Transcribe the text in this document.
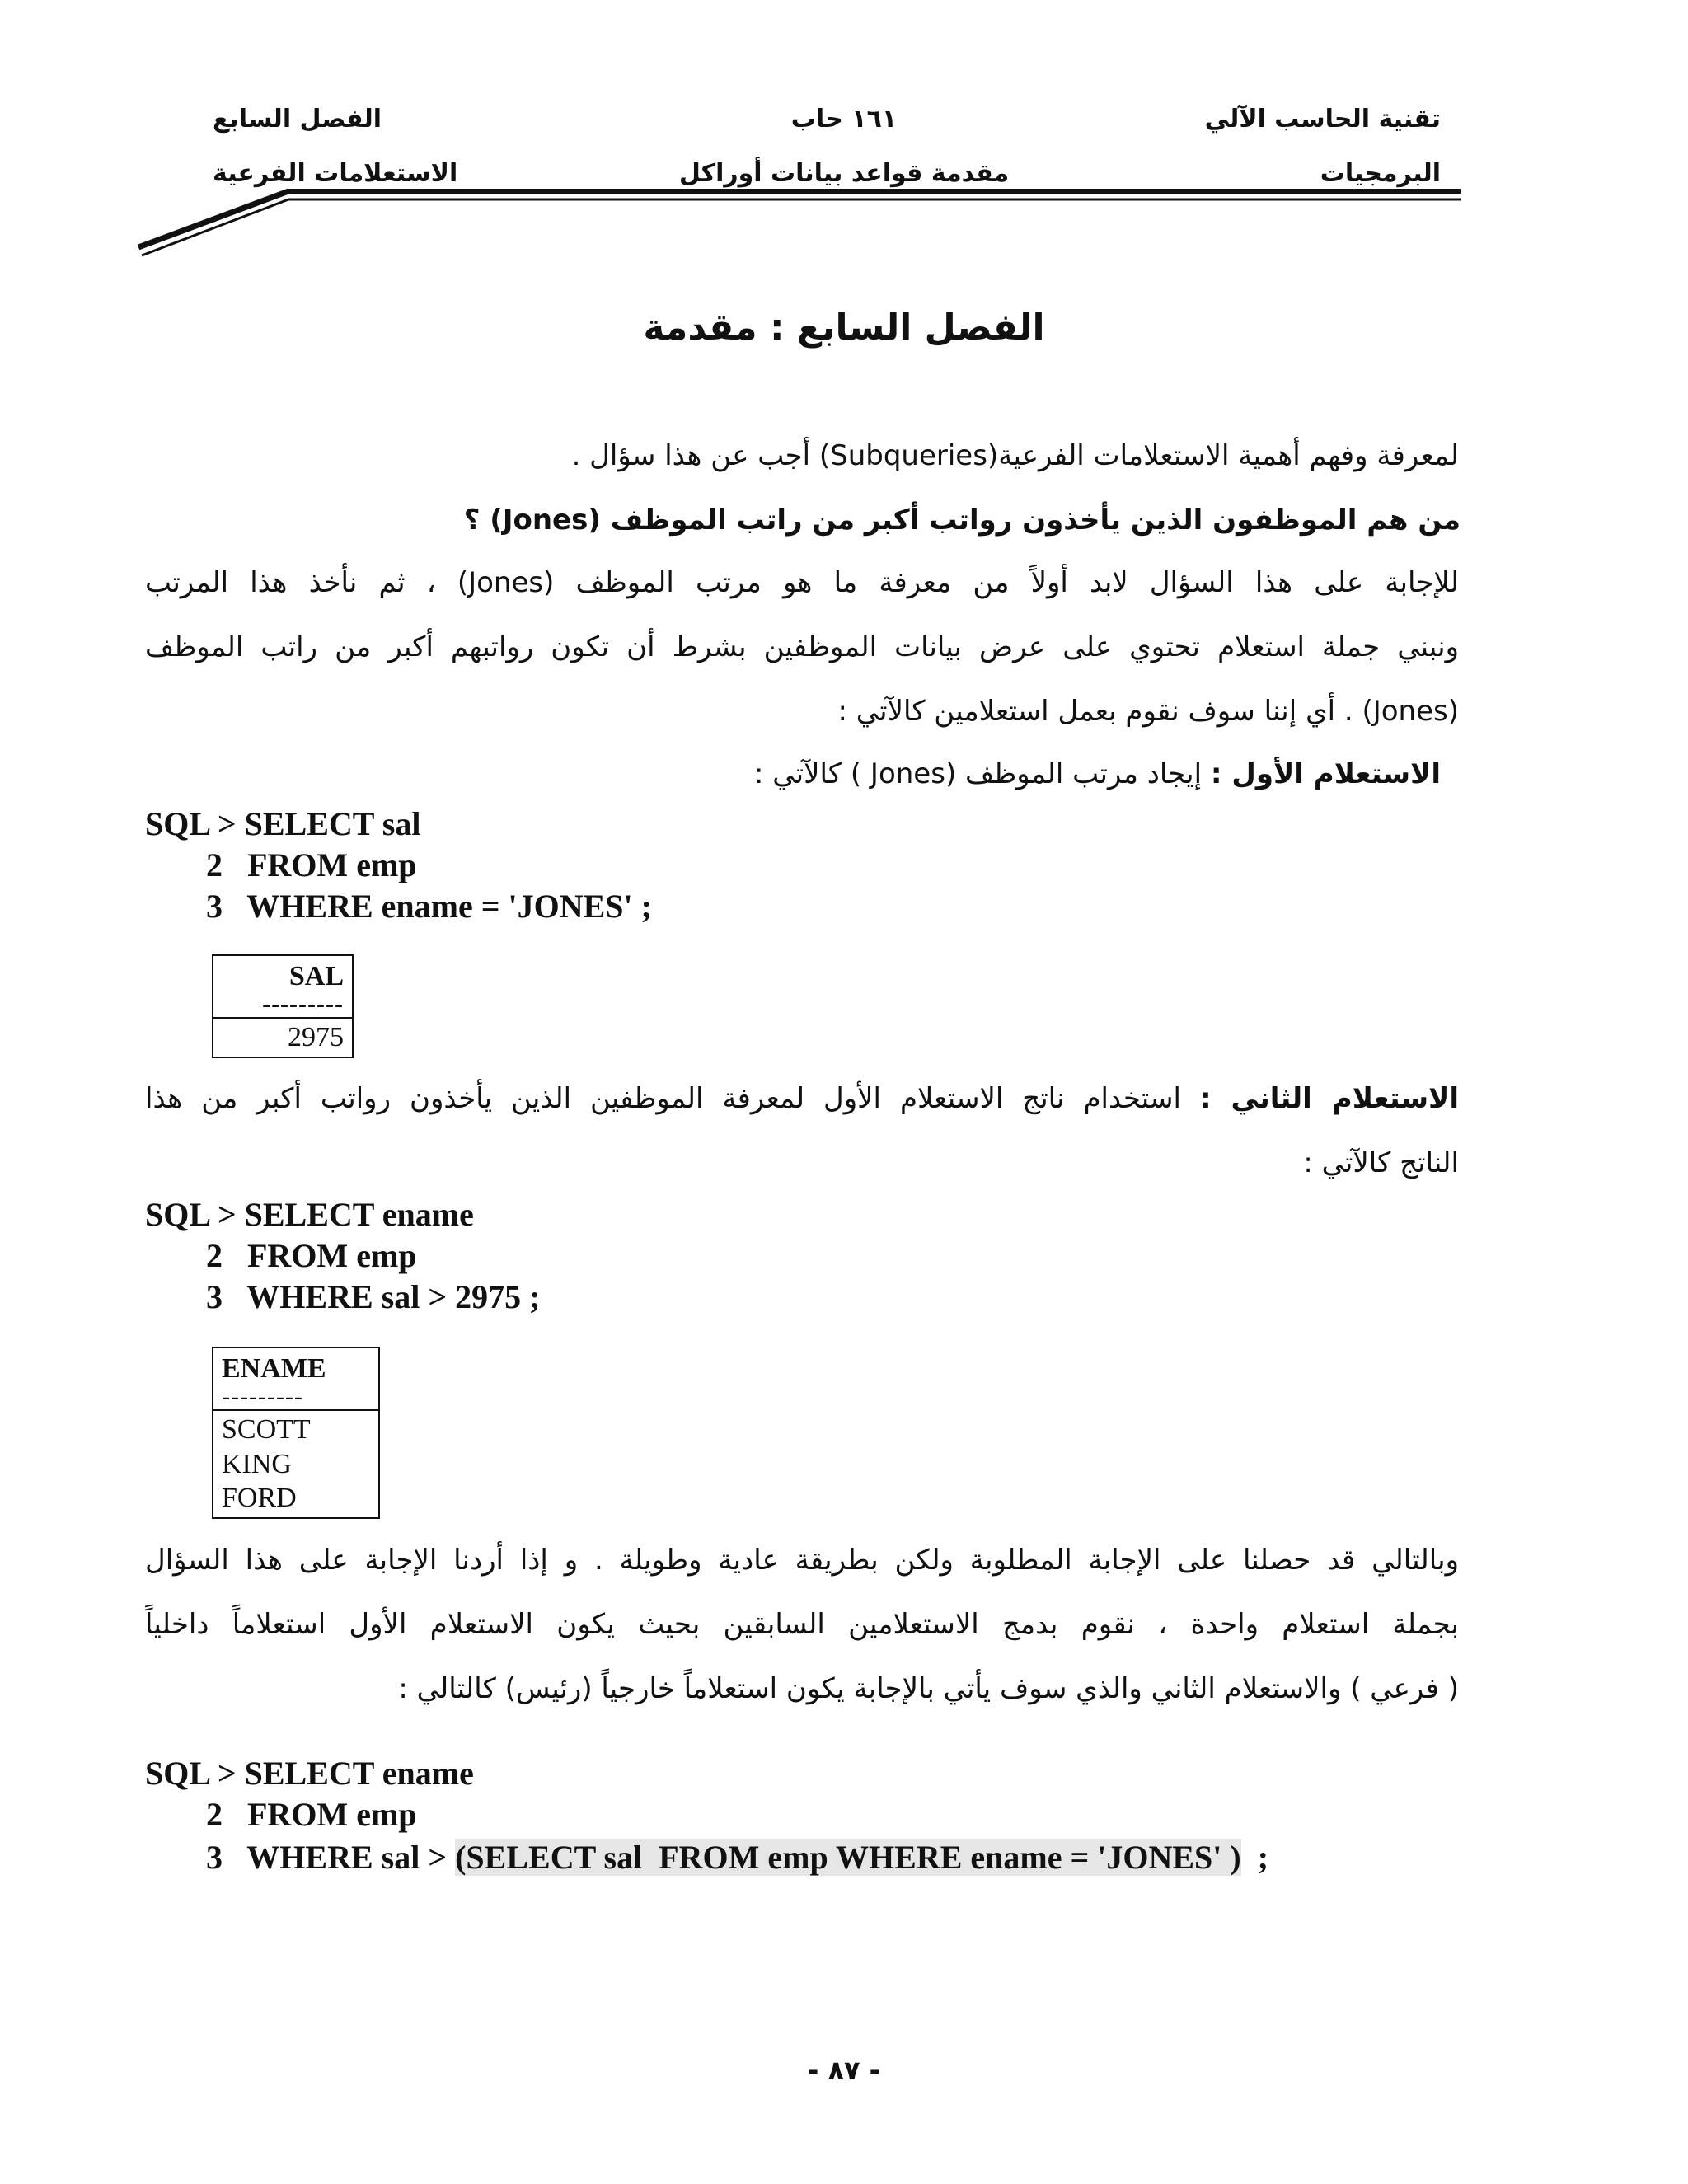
تقنية الحاسب الآلي
البرمجيات
١٦١ حاب
مقدمة قواعد بيانات أوراكل
الفصل السابع
الاستعلامات الفرعية
الفصل السابع : مقدمة
لمعرفة وفهم أهمية الاستعلامات الفرعية(Subqueries) أجب عن هذا سؤال .
من هم الموظفون الذين يأخذون رواتب أكبر من راتب الموظف (Jones) ؟
للإجابة على هذا السؤال لابد أولاً من معرفة ما هو مرتب الموظف (Jones) ، ثم نأخذ هذا المرتب
ونبني جملة استعلام تحتوي على عرض بيانات الموظفين بشرط أن تكون رواتبهم أكبر من راتب الموظف
(Jones) . أي إننا سوف نقوم بعمل استعلامين كالآتي :
الاستعلام الأول : إيجاد مرتب الموظف (Jones ) كالآتي :
SQL > SELECT sal
2   FROM emp
3   WHERE ename = 'JONES' ;
SAL
---------
2975
الاستعلام الثاني : استخدام ناتج الاستعلام الأول لمعرفة الموظفين الذين يأخذون رواتب أكبر من هذا
الناتج كالآتي :
SQL > SELECT ename
2   FROM emp
3   WHERE sal > 2975 ;
ENAME
---------
SCOTT
KING
FORD
وبالتالي قد حصلنا على الإجابة المطلوبة ولكن بطريقة عادية وطويلة . و إذا أردنا الإجابة على هذا السؤال
بجملة استعلام واحدة ، نقوم بدمج الاستعلامين السابقين بحيث يكون الاستعلام الأول استعلاماً داخلياً
( فرعي ) والاستعلام الثاني والذي سوف يأتي بالإجابة يكون استعلاماً خارجياً (رئيس) كالتالي :
SQL > SELECT ename
2   FROM emp
3   WHERE sal > (SELECT sal  FROM emp WHERE ename = 'JONES' )  ;
- ٨٧ -
